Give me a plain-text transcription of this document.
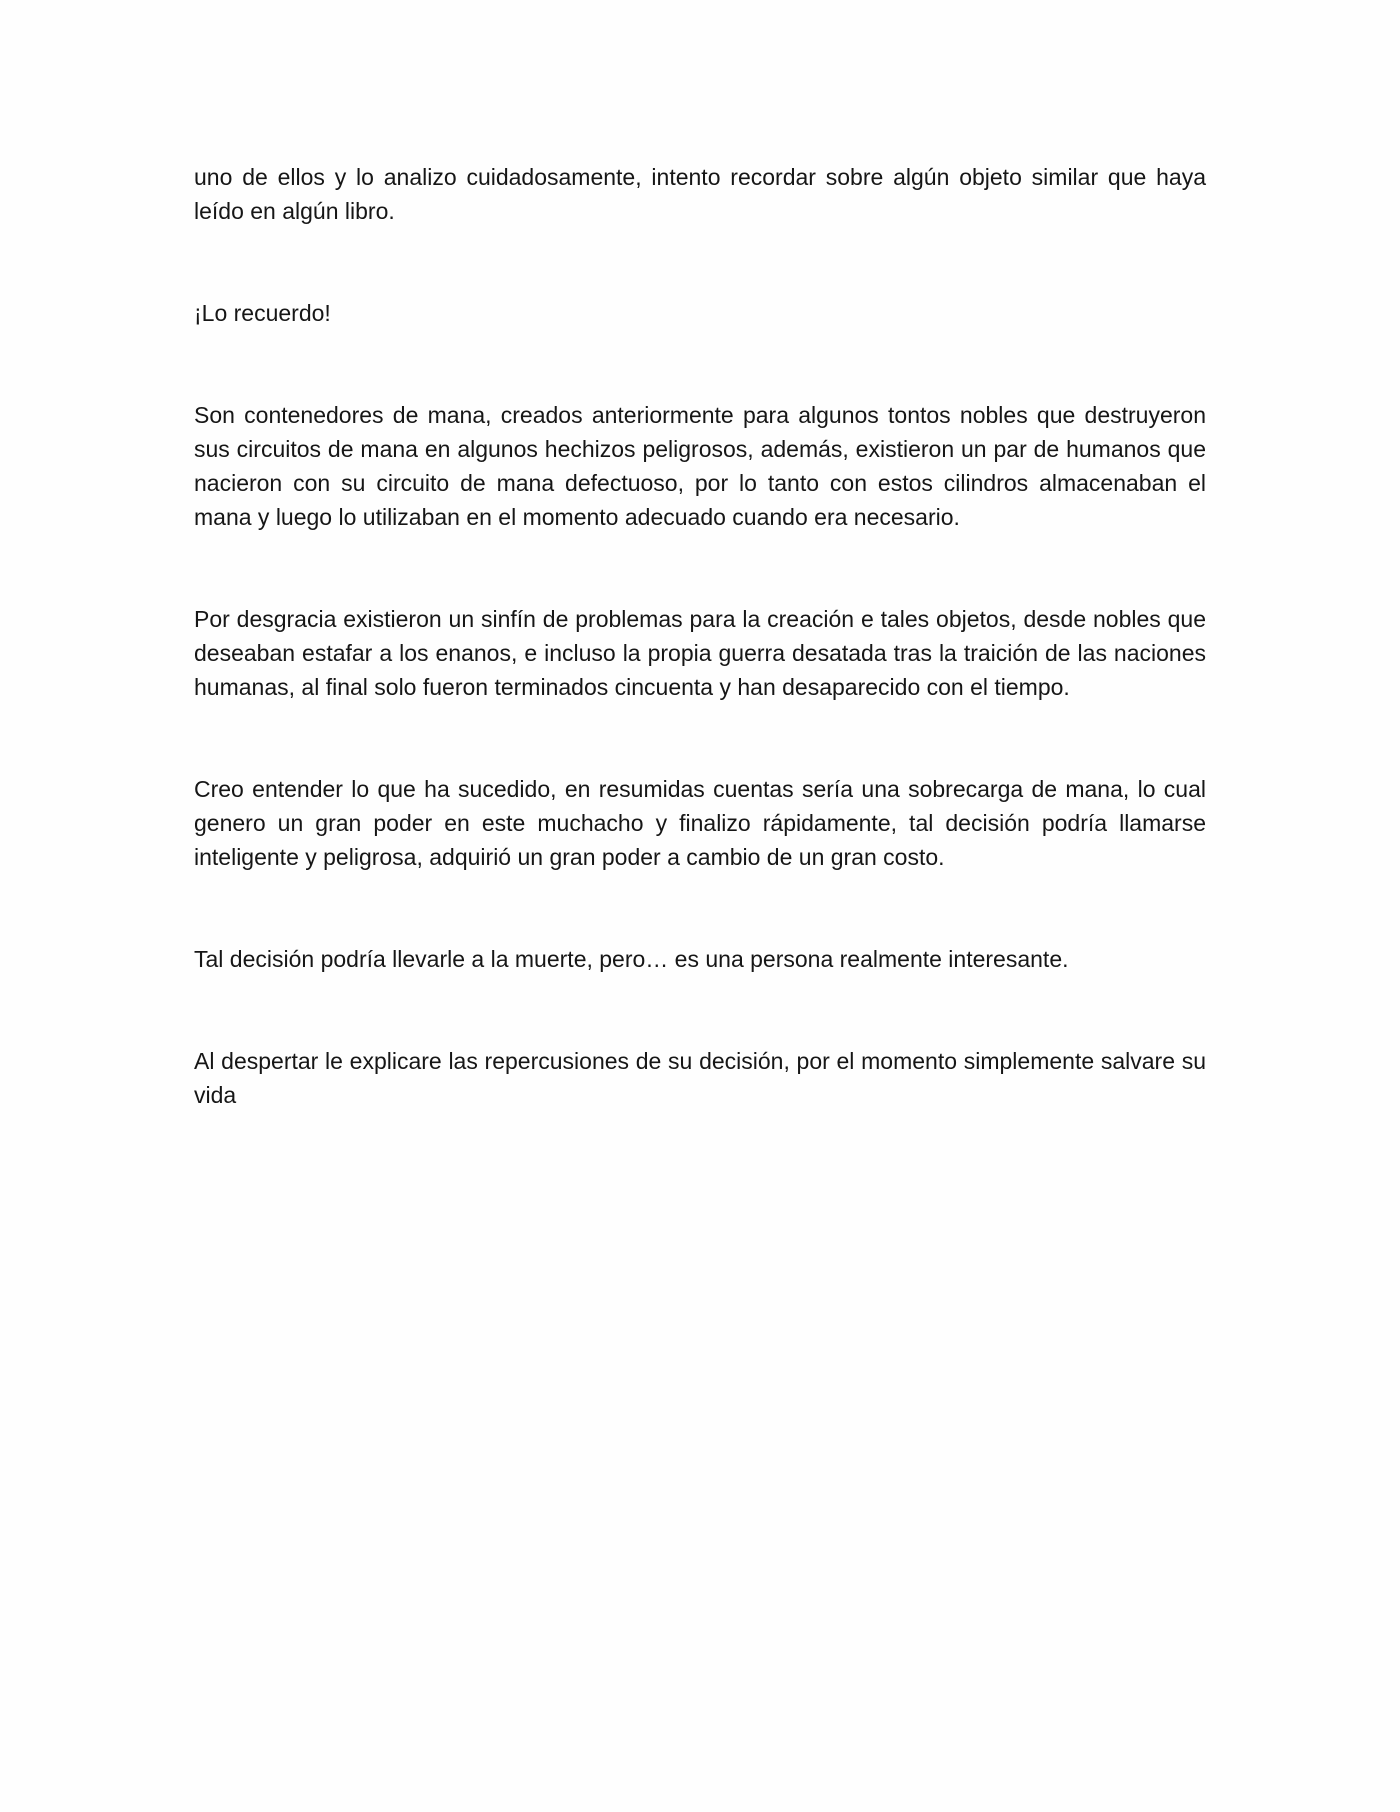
uno de ellos y lo analizo cuidadosamente, intento recordar sobre algún objeto similar que haya leído en algún libro.

¡Lo recuerdo!

Son contenedores de mana, creados anteriormente para algunos tontos nobles que destruyeron sus circuitos de mana en algunos hechizos peligrosos, además, existieron un par de humanos que nacieron con su circuito de mana defectuoso, por lo tanto con estos cilindros almacenaban el mana y luego lo utilizaban en el momento adecuado cuando era necesario.

Por desgracia existieron un sinfín de problemas para la creación e tales objetos, desde nobles que deseaban estafar a los enanos, e incluso la propia guerra desatada tras la traición de las naciones humanas, al final solo fueron terminados cincuenta y han desaparecido con el tiempo.

Creo entender lo que ha sucedido, en resumidas cuentas sería una sobrecarga de mana, lo cual genero un gran poder en este muchacho y finalizo rápidamente, tal decisión podría llamarse inteligente y peligrosa, adquirió un gran poder a cambio de un gran costo.

Tal decisión podría llevarle a la muerte, pero… es una persona realmente interesante.

Al despertar le explicare las repercusiones de su decisión, por el momento simplemente salvare su vida
